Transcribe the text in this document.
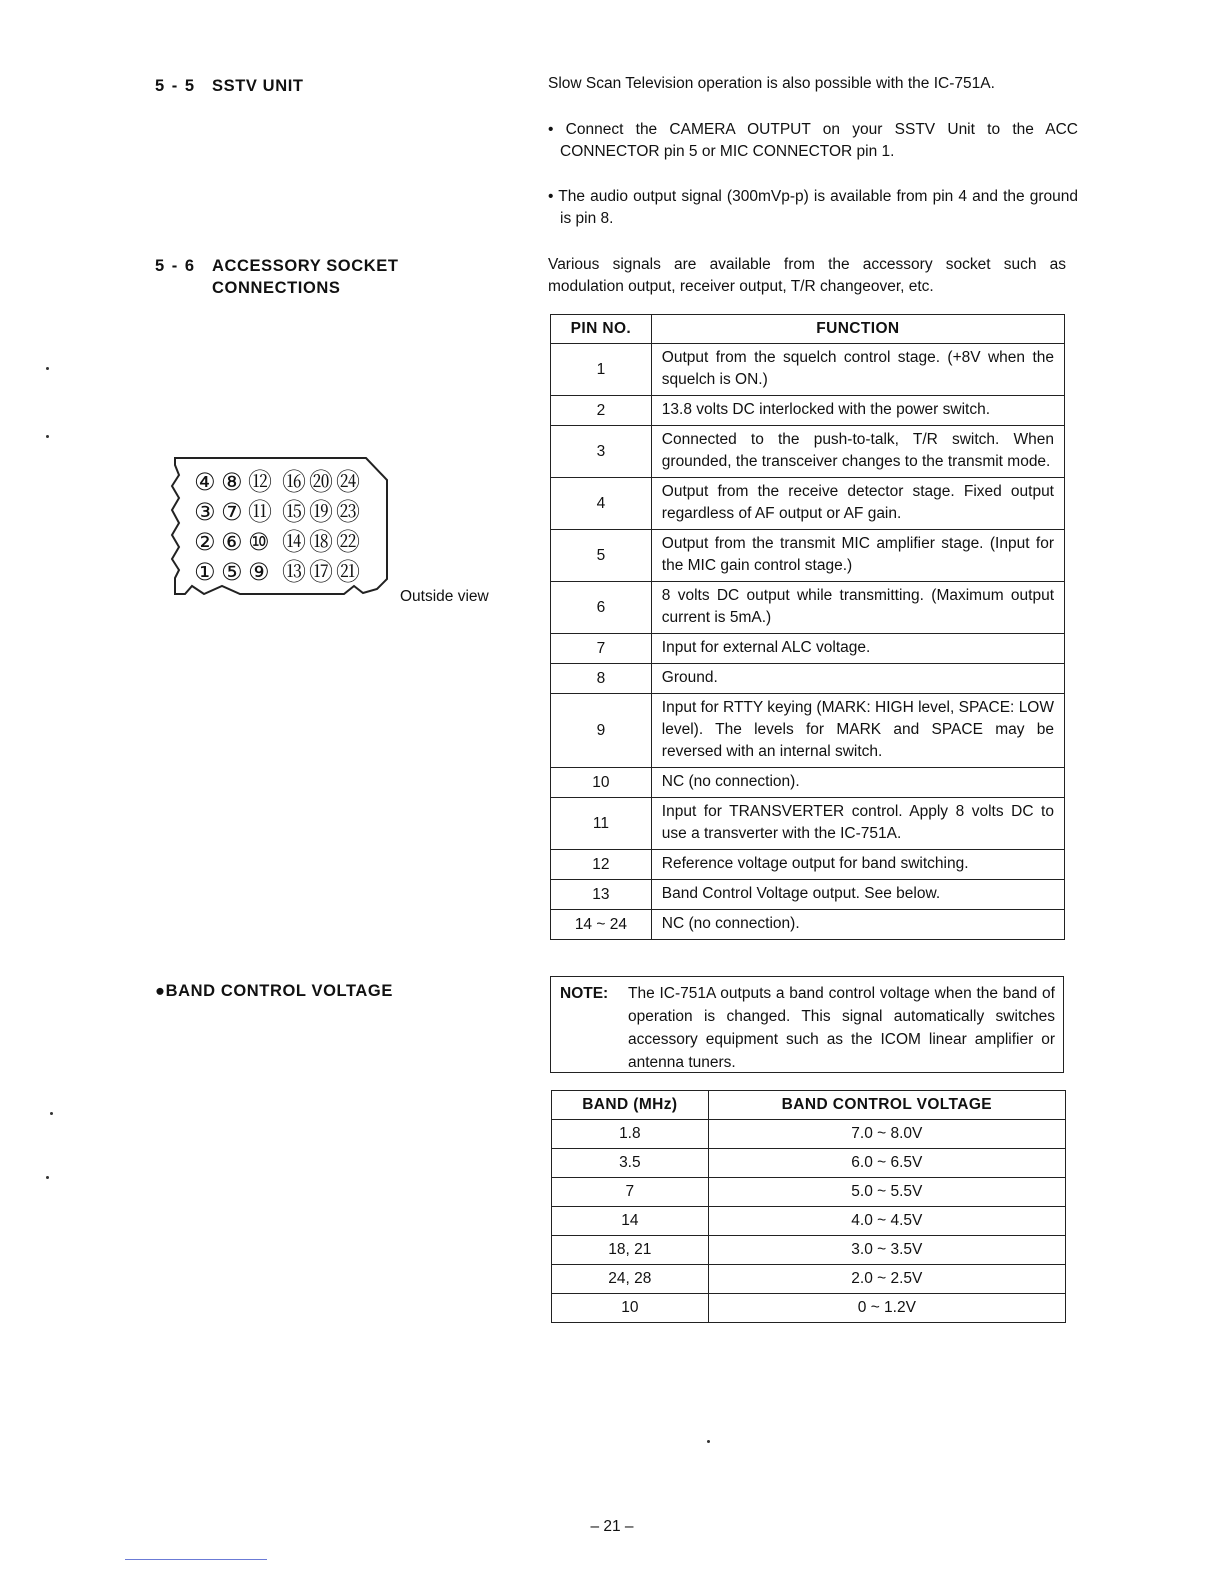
5 - 5 SSTV UNIT	Slow Scan Television operation is also possible with the IC-751A.
• Connect the CAMERA OUTPUT on your SSTV Unit to the ACC CONNECTOR pin 5 or MIC CONNECTOR pin 1.
• The audio output signal (300mVp-p) is available from pin 4 and the ground is pin 8.
5 - 6 ACCESSORY SOCKET
CONNECTIONS
Various signals are available from the accessory socket such as modulation output, receiver output, T/R changeover, etc.
④ ⑧ ⑫ ⑯ ⑳ ㉔
③ ⑦ ⑪ ⑮ ⑲ ㉓
② ⑥ ⑩ ⑭ ⑱ ㉒
① ⑤ ⑨ ⑬ ⑰ ㉑
Outside view
PIN NO.	FUNCTION
1	Output from the squelch control stage. (+8V when the squelch is ON.)
2	13.8 volts DC interlocked with the power switch.
3	Connected to the push-to-talk, T/R switch. When grounded, the transceiver changes to the transmit mode.
4	Output from the receive detector stage. Fixed output regardless of AF output or AF gain.
5	Output from the transmit MIC amplifier stage. (Input for the MIC gain control stage.)
6	8 volts DC output while transmitting. (Maximum output current is 5mA.)
7	Input for external ALC voltage.
8	Ground.
9	Input for RTTY keying (MARK: HIGH level, SPACE: LOW level). The levels for MARK and SPACE may be reversed with an internal switch.
10	NC (no connection).
11	Input for TRANSVERTER control. Apply 8 volts DC to use a transverter with the IC-751A.
12	Reference voltage output for band switching.
13	Band Control Voltage output. See below.
14 ~ 24	NC (no connection).
●BAND CONTROL VOLTAGE	NOTE: The IC-751A outputs a band control voltage when the band of operation is changed. This signal automatically switches accessory equipment such as the ICOM linear amplifier or antenna tuners.
BAND (MHz)	BAND CONTROL VOLTAGE
1.8	7.0 ~ 8.0V
3.5	6.0 ~ 6.5V
7	5.0 ~ 5.5V
14	4.0 ~ 4.5V
18, 21	3.0 ~ 3.5V
24, 28	2.0 ~ 2.5V
10	0 ~ 1.2V
– 21 –
